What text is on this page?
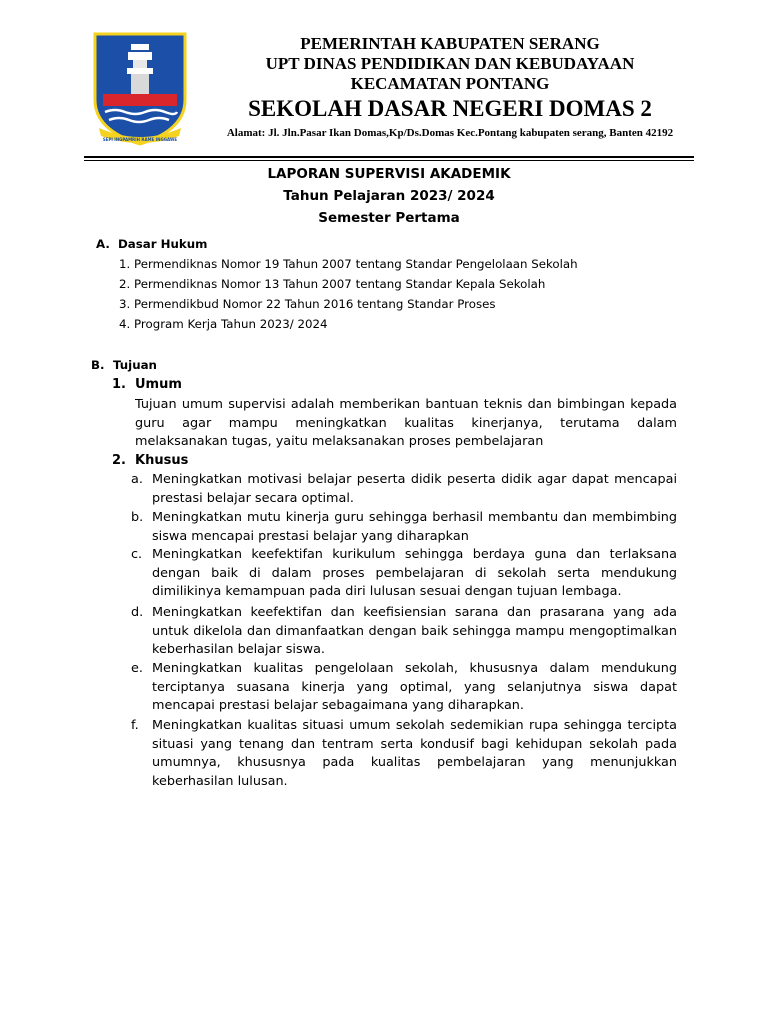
SEPI INGPAMRIH RAME INGGAWE
PEMERINTAH KABUPATEN SERANG
UPT DINAS PENDIDIKAN DAN KEBUDAYAAN
KECAMATAN PONTANG
SEKOLAH DASAR NEGERI DOMAS 2
Alamat: Jl. Jln.Pasar Ikan Domas,Kp/Ds.Domas Kec.Pontang kabupaten serang, Banten 42192
LAPORAN SUPERVISI AKADEMIK
Tahun Pelajaran 2023/ 2024
Semester Pertama
A. Dasar Hukum
1. Permendiknas Nomor 19 Tahun 2007 tentang Standar Pengelolaan Sekolah
2. Permendiknas Nomor 13 Tahun 2007 tentang Standar Kepala Sekolah
3. Permendikbud Nomor 22 Tahun 2016 tentang Standar Proses
4. Program Kerja Tahun 2023/ 2024
B. Tujuan
1. Umum
Tujuan umum supervisi adalah memberikan bantuan teknis dan bimbingan kepada guru agar mampu meningkatkan kualitas kinerjanya, terutama dalam melaksanakan tugas, yaitu melaksanakan proses pembelajaran
2. Khusus
a. Meningkatkan motivasi belajar peserta didik peserta didik agar dapat mencapai prestasi belajar secara optimal.
b. Meningkatkan mutu kinerja guru sehingga berhasil membantu dan membimbing siswa mencapai prestasi belajar yang diharapkan
c. Meningkatkan keefektifan kurikulum sehingga berdaya guna dan terlaksana dengan baik di dalam proses pembelajaran di sekolah serta mendukung dimilikinya kemampuan pada diri lulusan sesuai dengan tujuan lembaga.
d. Meningkatkan keefektifan dan keefisiensian sarana dan prasarana yang ada untuk dikelola dan dimanfaatkan dengan baik sehingga mampu mengoptimalkan keberhasilan belajar siswa.
e. Meningkatkan kualitas pengelolaan sekolah, khususnya dalam mendukung terciptanya suasana kinerja yang optimal, yang selanjutnya siswa dapat mencapai prestasi belajar sebagaimana yang diharapkan.
f. Meningkatkan kualitas situasi umum sekolah sedemikian rupa sehingga tercipta situasi yang tenang dan tentram serta kondusif bagi kehidupan sekolah pada umumnya, khususnya pada kualitas pembelajaran yang menunjukkan keberhasilan lulusan.
